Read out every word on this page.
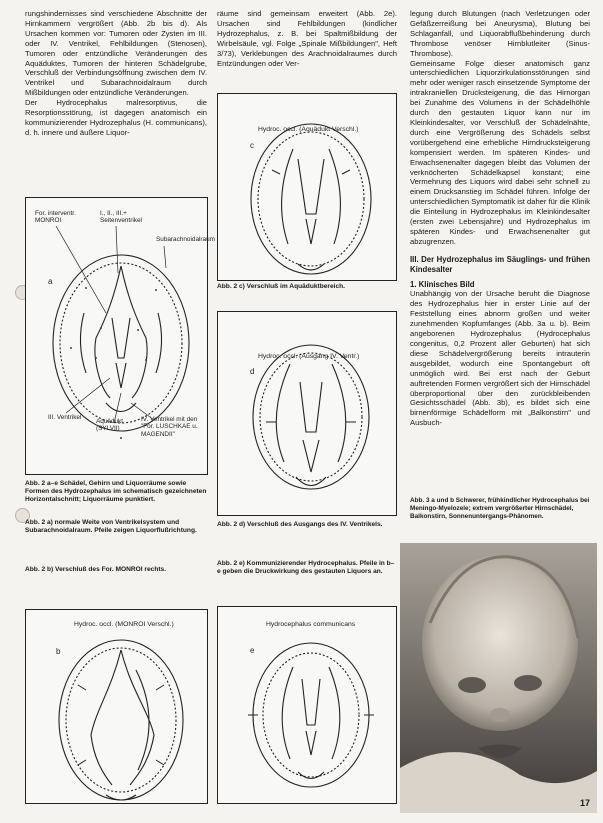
rungshindernisses sind verschiedene Abschnitte der Hirnkammern vergrößert (Abb. 2b bis d). Als Ursachen kommen vor: Tumoren oder Zysten im III. oder IV. Ventrikel, Fehlbildungen (Stenosen), Tumoren oder entzündliche Veränderungen des Aquäduktes, Tumoren der hinteren Schädelgrube, Verschluß der Verbindungsöffnung zwischen dem IV. Ventrikel und Subarachnoidalraum durch Mißbildungen oder entzündliche Veränderungen.
Der Hydrocephalus malresorptivus, die Resorptionsstörung, ist dagegen anatomisch ein kommunizierender Hydrozephalus (H. communicans), d. h. innere und äußere Liquor-

For. interventr. MONROI
I., II., III.+ Seitenventrikel
Subarachnoidalraum
a
III. Ventrikel
Aquädukt (SYLVII)
IV. Ventrikel mit den "For. LUSCHKAE u. MAGENDII"
Abb. 2 a–e Schädel, Gehirn und Liquorräume sowie Formen des Hydrozephalus im schematisch gezeichneten Horizontalschnitt; Liquorräume punktiert.
Abb. 2 a) normale Weite von Ventrikelsystem und Subarachnoidalraum. Pfeile zeigen Liquorflußrichtung.
Abb. 2 b) Verschluß des For. MONROI rechts.
Hydroc. occl. (MONROI Verschl.)
b

räume sind gemeinsam erweitert (Abb. 2e). Ursachen sind Fehlbildungen (kindlicher Hydrozephalus, z. B. bei Spaltmißbildung der Wirbelsäule, vgl. Folge „Spinale Mißbildungen", Heft 3/73), Verklebungen des Arachnoidalraumes durch Entzündungen oder Ver-

Hydroc. occl. (Aquädukt Verschl.)
c
Abb. 2 c) Verschluß im Aquäduktbereich.
Hydroc. occl. (Ausgang IV. Ventr.)
d
Abb. 2 d) Verschluß des Ausgangs des IV. Ventrikels.
Abb. 2 e) Kommunizierender Hydrocephalus. Pfeile in b–e geben die Druckwirkung des gestauten Liquors an.
Hydrocephalus communicans
e

legung durch Blutungen (nach Verletzungen oder Gefäßzerreißung bei Aneurysma), Blutung bei Schlaganfall, und Liquorabflußbehinderung durch Thrombose venöser Hirnblutleiter (Sinus-Thrombose).
Gemeinsame Folge dieser anatomisch ganz unterschiedlichen Liquorzirkulationsstörungen sind mehr oder weniger rasch einsetzende Symptome der intrakraniellen Drucksteigerung, die das Hirnorgan bei Zunahme des Volumens in der Schädelhöhle durch den gestauten Liquor kann nur im Kleinkindesalter, vor Verschluß der Schädelnähte, durch eine Vergrößerung des Schädels selbst vorübergehend eine erhebliche Hirndrucksteigerung kompensiert werden. Im späteren Kindes- und Erwachsenenalter dagegen bleibt das Volumen der verknöcherten Schädelkapsel konstant; eine Vermehrung des Liquors wird dabei sehr schnell zu einem Drucksanstieg im Schädel führen. Infolge der unterschiedlichen Symptomatik ist daher für die Klinik die Einteilung in Hydrozephalus im Kleinkindesalter (ersten zwei Lebensjahre) und Hydrozephalus im späteren Kindes- und Erwachsenenalter gut abzugrenzen.

III. Der Hydrozephalus im Säuglings- und frühen Kindesalter

1. Klinisches Bild

Unabhängig von der Ursache beruht die Diagnose des Hydrozephalus hier in erster Linie auf der Feststellung eines abnorm großen und weiter zunehmenden Kopfumfanges (Abb. 3a u. b). Beim angeborenen Hydrozephalus (Hydrocephalus congenitus, 0,2 Prozent aller Geburten) hat sich diese Schädelvergrößerung bereits intrauterin ausgebildet, wodurch eine Spontangeburt oft unmöglich wird. Bei erst nach der Geburt auftretenden Formen vergrößert sich der Hirnschädel überproportional über den zurückbleibenden Gesichtsschädel (Abb. 3b), es bildet sich eine birnenförmige Schädelform mit „Balkonstirn" und Ausbuch-

Abb. 3 a und b Schwerer, frühkindlicher Hydrocephalus bei Meningo-Myelozele; extrem vergrößerter Hirnschädel, Balkonstirn, Sonnenuntergangs-Phänomen.
17
